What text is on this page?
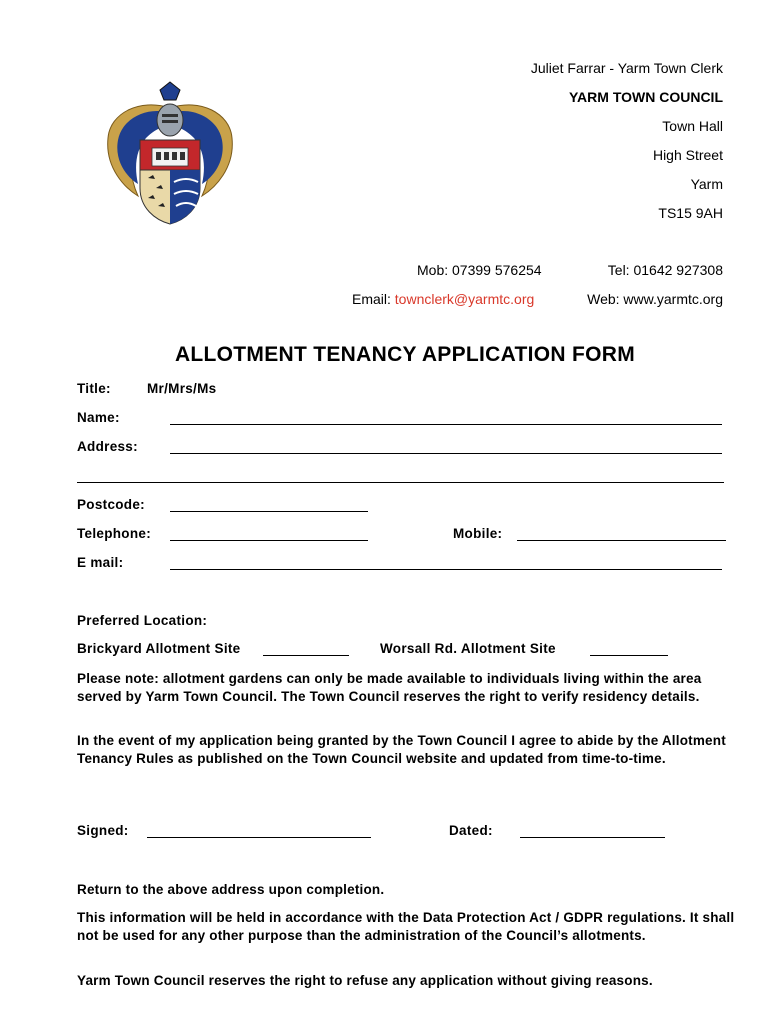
Juliet Farrar - Yarm Town Clerk
YARM TOWN COUNCIL
Town Hall
High Street
Yarm
TS15 9AH
Mob: 07399 576254	Tel: 01642 927308
Email: townclerk@yarmtc.org	Web: www.yarmtc.org
ALLOTMENT TENANCY APPLICATION FORM
Title:	Mr/Mrs/Ms
Name:
Address:
Postcode:
Telephone:	Mobile:
E mail:
Preferred Location:
Brickyard Allotment Site	Worsall Rd. Allotment Site
Please note: allotment gardens can only be made available to individuals living within the area served by Yarm Town Council. The Town Council reserves the right to verify residency details.
In the event of my application being granted by the Town Council I agree to abide by the Allotment Tenancy Rules as published on the Town Council website and updated from time-to-time.
Signed:	Dated:
Return to the above address upon completion.
This information will be held in accordance with the Data Protection Act / GDPR regulations. It shall not be used for any other purpose than the administration of the Council’s allotments.
Yarm Town Council reserves the right to refuse any application without giving reasons.
